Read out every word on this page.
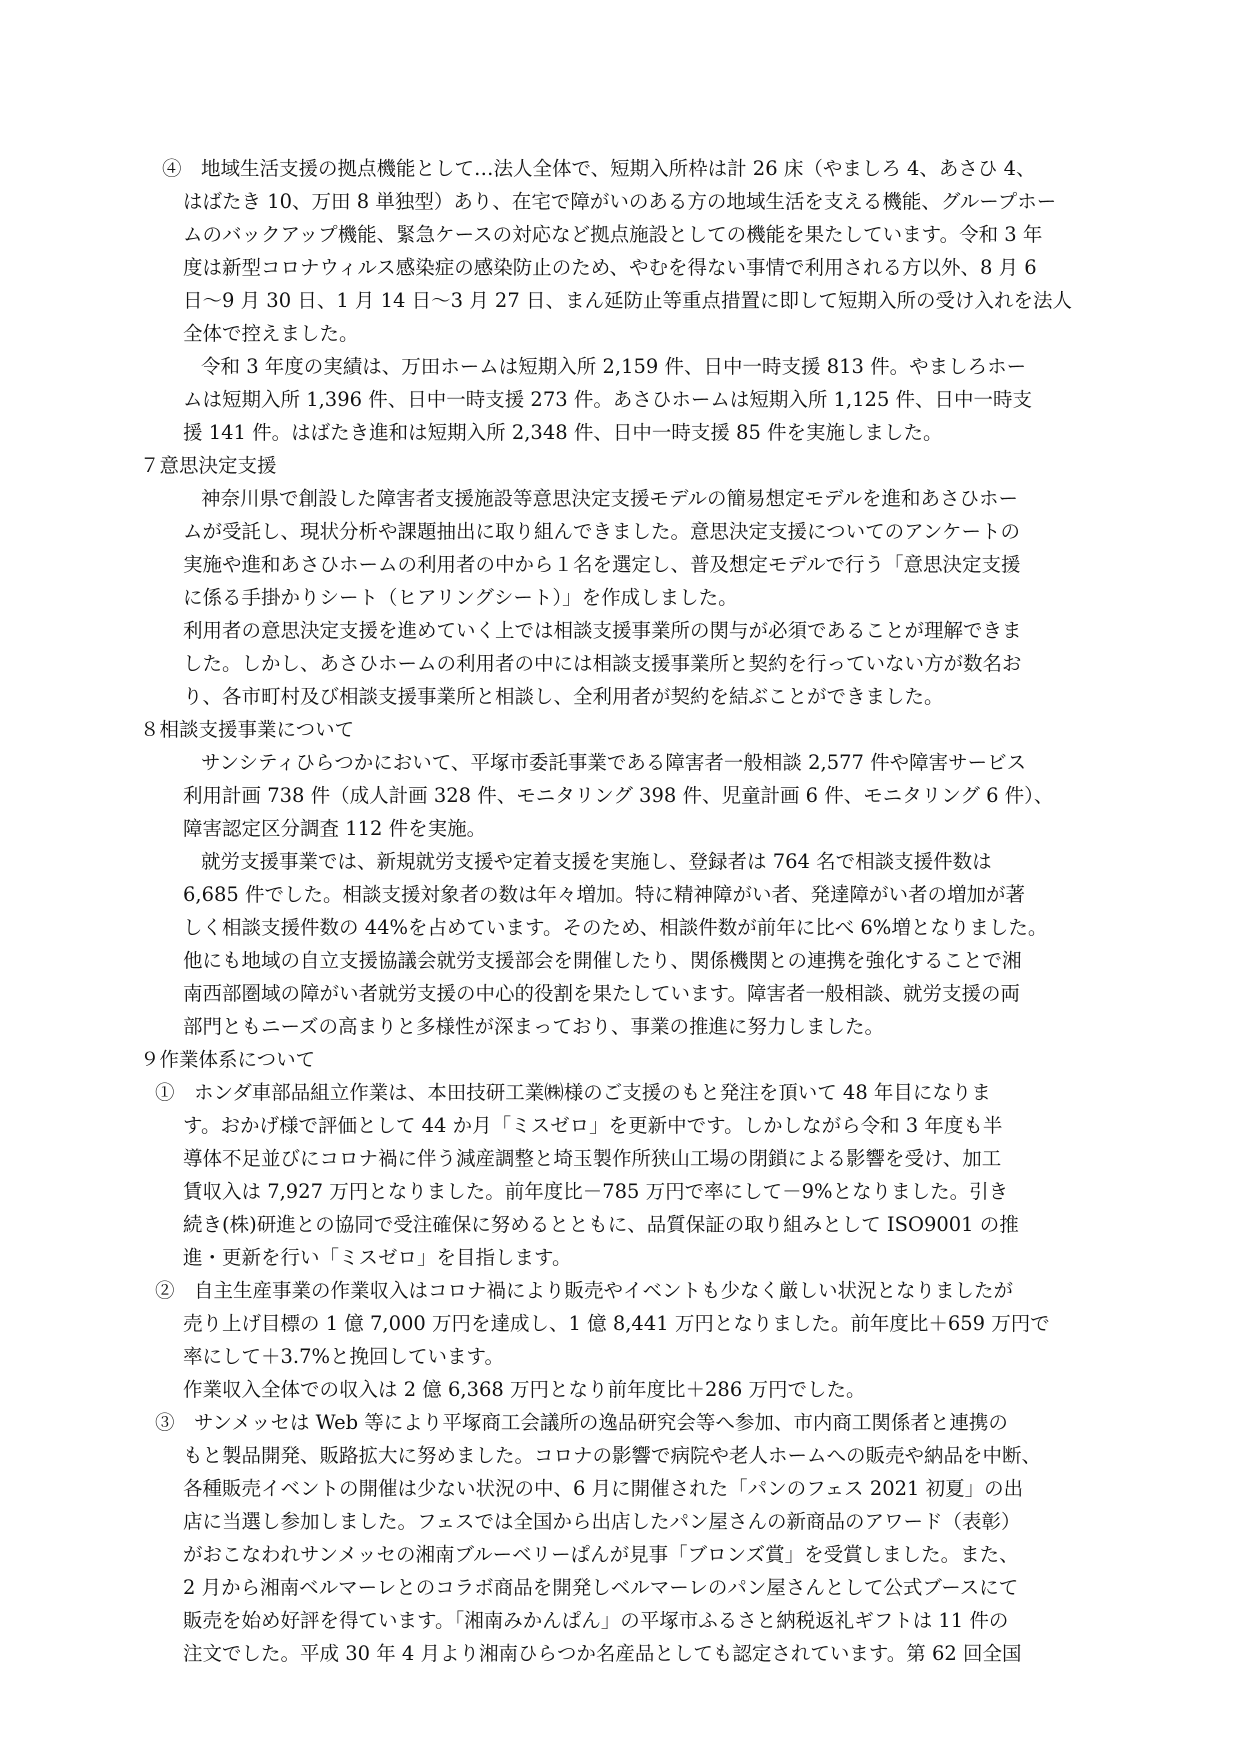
④　地域生活支援の拠点機能として…法人全体で、短期入所枠は計 26 床（やましろ 4、あさひ 4、
はばたき 10、万田 8 単独型）あり、在宅で障がいのある方の地域生活を支える機能、グループホー
ムのバックアップ機能、緊急ケースの対応など拠点施設としての機能を果たしています。令和 3 年
度は新型コロナウィルス感染症の感染防止のため、やむを得ない事情で利用される方以外、8 月 6
日〜9 月 30 日、1 月 14 日〜3 月 27 日、まん延防止等重点措置に即して短期入所の受け入れを法人
全体で控えました。
令和 3 年度の実績は、万田ホームは短期入所 2,159 件、日中一時支援 813 件。やましろホー
ムは短期入所 1,396 件、日中一時支援 273 件。あさひホームは短期入所 1,125 件、日中一時支
援 141 件。はばたき進和は短期入所 2,348 件、日中一時支援 85 件を実施しました。
７意思決定支援
神奈川県で創設した障害者支援施設等意思決定支援モデルの簡易想定モデルを進和あさひホー
ムが受託し、現状分析や課題抽出に取り組んできました。意思決定支援についてのアンケートの
実施や進和あさひホームの利用者の中から１名を選定し、普及想定モデルで行う「意思決定支援
に係る手掛かりシート（ヒアリングシート）」を作成しました。
利用者の意思決定支援を進めていく上では相談支援事業所の関与が必須であることが理解できま
した。しかし、あさひホームの利用者の中には相談支援事業所と契約を行っていない方が数名お
り、各市町村及び相談支援事業所と相談し、全利用者が契約を結ぶことができました。
８相談支援事業について
サンシティひらつかにおいて、平塚市委託事業である障害者一般相談 2,577 件や障害サービス
利用計画 738 件（成人計画 328 件、モニタリング 398 件、児童計画 6 件、モニタリング 6 件）、
障害認定区分調査 112 件を実施。
就労支援事業では、新規就労支援や定着支援を実施し、登録者は 764 名で相談支援件数は
6,685 件でした。相談支援対象者の数は年々増加。特に精神障がい者、発達障がい者の増加が著
しく相談支援件数の 44%を占めています。そのため、相談件数が前年に比べ 6%増となりました。
他にも地域の自立支援協議会就労支援部会を開催したり、関係機関との連携を強化することで湘
南西部圏域の障がい者就労支援の中心的役割を果たしています。障害者一般相談、就労支援の両
部門ともニーズの高まりと多様性が深まっており、事業の推進に努力しました。
９作業体系について
①　ホンダ車部品組立作業は、本田技研工業㈱様のご支援のもと発注を頂いて 48 年目になりま
す。おかげ様で評価として 44 か月「ミスゼロ」を更新中です。しかしながら令和 3 年度も半
導体不足並びにコロナ禍に伴う減産調整と埼玉製作所狭山工場の閉鎖による影響を受け、加工
賃収入は 7,927 万円となりました。前年度比－785 万円で率にして－9%となりました。引き
続き(株)研進との協同で受注確保に努めるとともに、品質保証の取り組みとして ISO9001 の推
進・更新を行い「ミスゼロ」を目指します。
②　自主生産事業の作業収入はコロナ禍により販売やイベントも少なく厳しい状況となりましたが
売り上げ目標の 1 億 7,000 万円を達成し、1 億 8,441 万円となりました。前年度比＋659 万円で
率にして＋3.7%と挽回しています。
作業収入全体での収入は 2 億 6,368 万円となり前年度比＋286 万円でした。
③　サンメッセは Web 等により平塚商工会議所の逸品研究会等へ参加、市内商工関係者と連携の
もと製品開発、販路拡大に努めました。コロナの影響で病院や老人ホームへの販売や納品を中断、
各種販売イベントの開催は少ない状況の中、6 月に開催された「パンのフェス 2021 初夏」の出
店に当選し参加しました。フェスでは全国から出店したパン屋さんの新商品のアワード（表彰）
がおこなわれサンメッセの湘南ブルーベリーぱんが見事「ブロンズ賞」を受賞しました。また、
2 月から湘南ベルマーレとのコラボ商品を開発しベルマーレのパン屋さんとして公式ブースにて
販売を始め好評を得ています。「湘南みかんぱん」の平塚市ふるさと納税返礼ギフトは 11 件の
注文でした。平成 30 年 4 月より湘南ひらつか名産品としても認定されています。第 62 回全国
